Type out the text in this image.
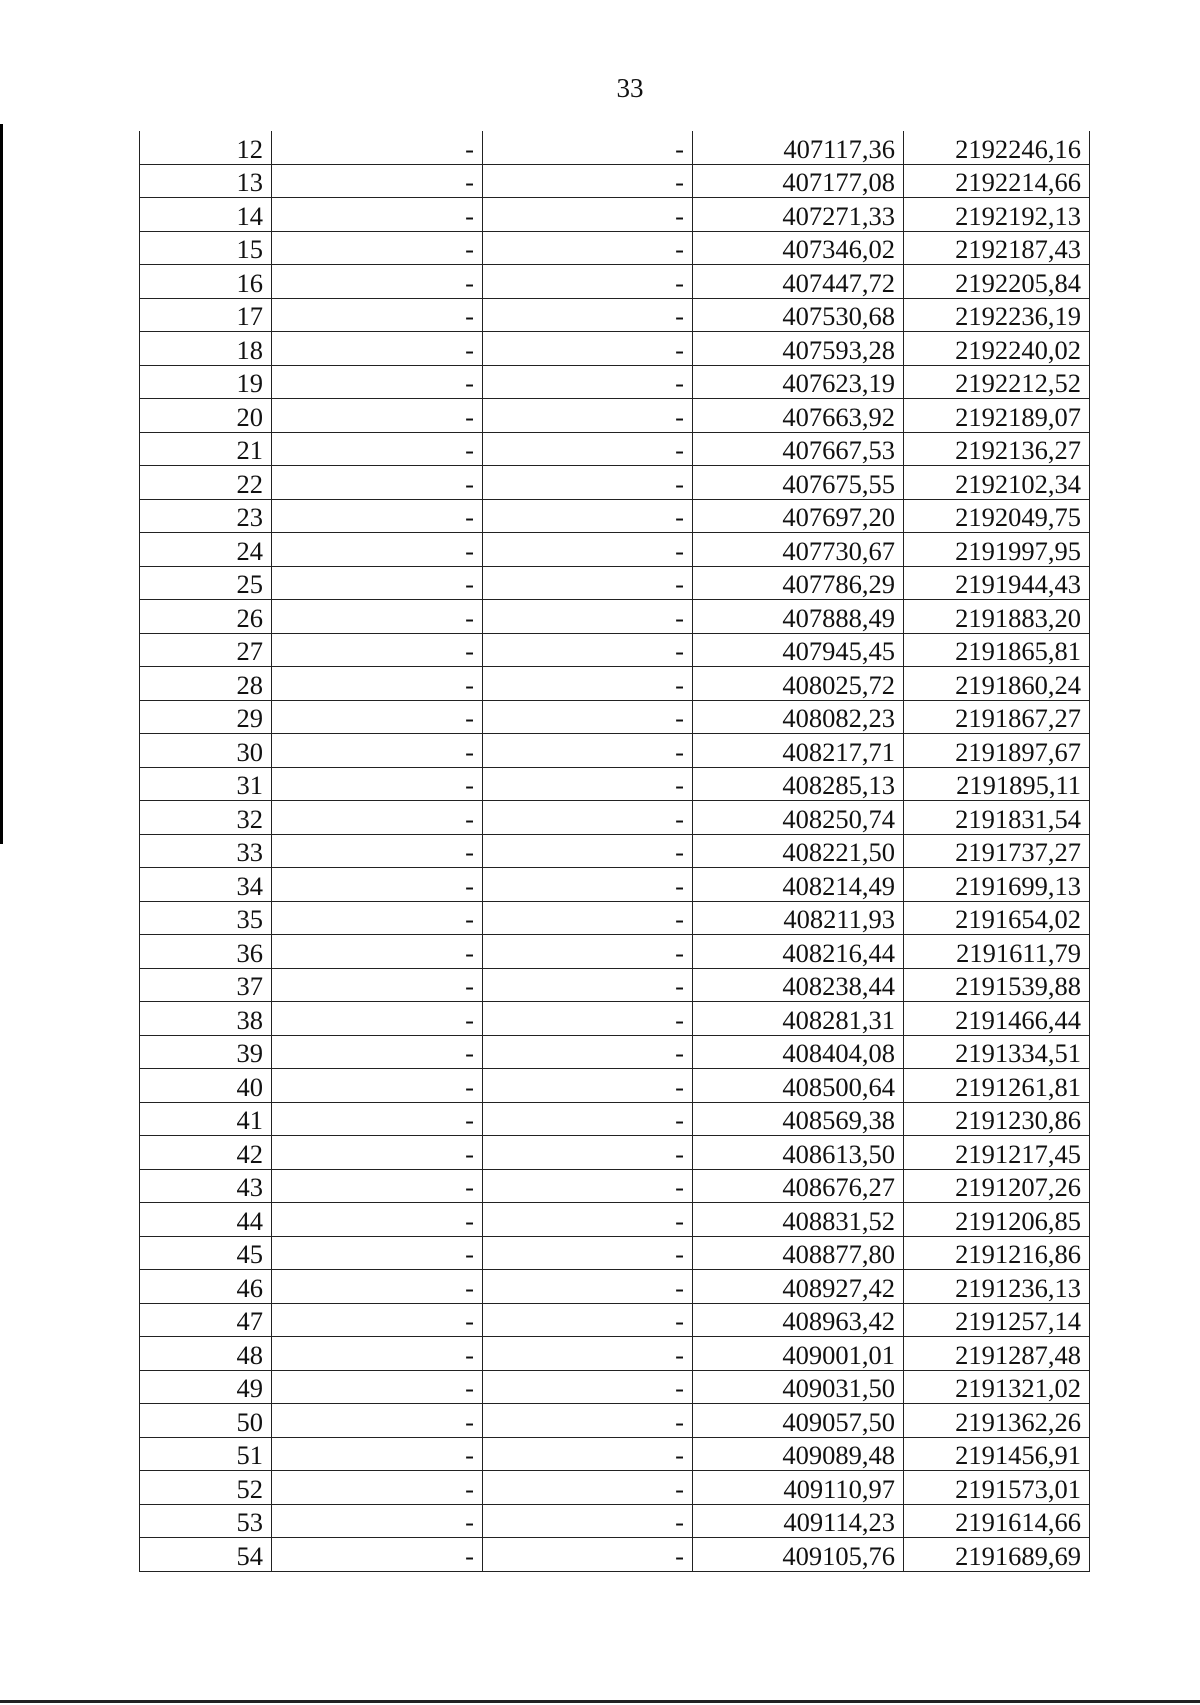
33
12	-	-	407117,36	2192246,16
13	-	-	407177,08	2192214,66
14	-	-	407271,33	2192192,13
15	-	-	407346,02	2192187,43
16	-	-	407447,72	2192205,84
17	-	-	407530,68	2192236,19
18	-	-	407593,28	2192240,02
19	-	-	407623,19	2192212,52
20	-	-	407663,92	2192189,07
21	-	-	407667,53	2192136,27
22	-	-	407675,55	2192102,34
23	-	-	407697,20	2192049,75
24	-	-	407730,67	2191997,95
25	-	-	407786,29	2191944,43
26	-	-	407888,49	2191883,20
27	-	-	407945,45	2191865,81
28	-	-	408025,72	2191860,24
29	-	-	408082,23	2191867,27
30	-	-	408217,71	2191897,67
31	-	-	408285,13	2191895,11
32	-	-	408250,74	2191831,54
33	-	-	408221,50	2191737,27
34	-	-	408214,49	2191699,13
35	-	-	408211,93	2191654,02
36	-	-	408216,44	2191611,79
37	-	-	408238,44	2191539,88
38	-	-	408281,31	2191466,44
39	-	-	408404,08	2191334,51
40	-	-	408500,64	2191261,81
41	-	-	408569,38	2191230,86
42	-	-	408613,50	2191217,45
43	-	-	408676,27	2191207,26
44	-	-	408831,52	2191206,85
45	-	-	408877,80	2191216,86
46	-	-	408927,42	2191236,13
47	-	-	408963,42	2191257,14
48	-	-	409001,01	2191287,48
49	-	-	409031,50	2191321,02
50	-	-	409057,50	2191362,26
51	-	-	409089,48	2191456,91
52	-	-	409110,97	2191573,01
53	-	-	409114,23	2191614,66
54	-	-	409105,76	2191689,69
